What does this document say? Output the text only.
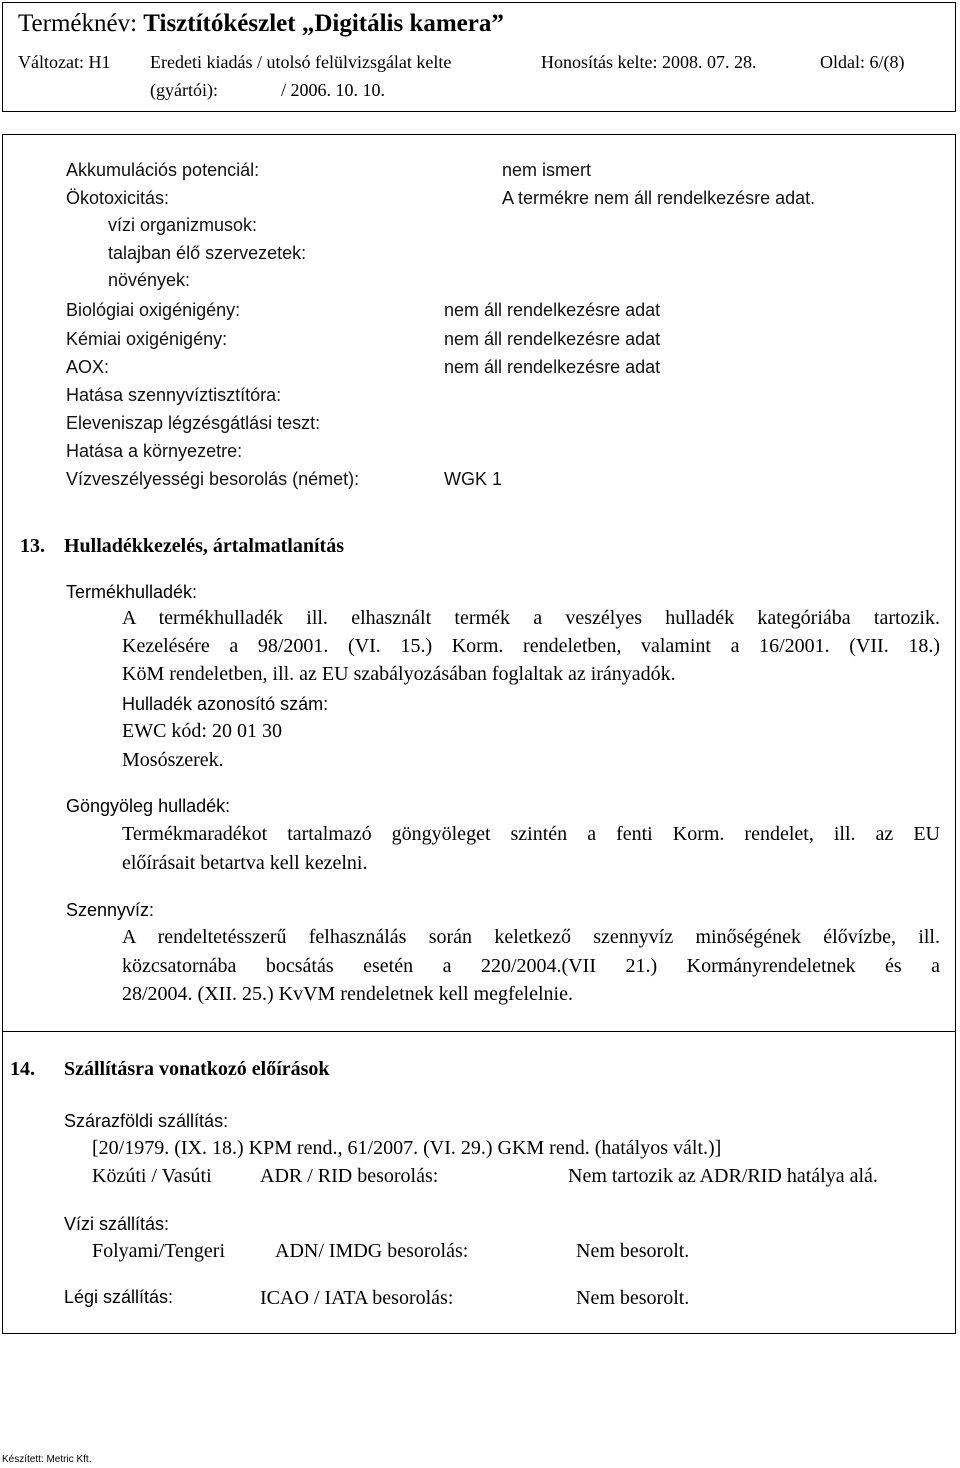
Terméknév: Tisztítókészlet „Digitális kamera”
Változat: H1 Eredeti kiadás / utolsó felülvizsgálat kelte	Honosítás kelte: 2008. 07. 28.	Oldal: 6/(8)
(gyártói):	/ 2006. 10. 10.
Akkumulációs potenciál:	nem ismert
Ökotoxicitás:	A termékre nem áll rendelkezésre adat.
vízi organizmusok:
talajban élő szervezetek:
növények:
Biológiai oxigénigény:	nem áll rendelkezésre adat
Kémiai oxigénigény:	nem áll rendelkezésre adat
AOX:	nem áll rendelkezésre adat
Hatása szennyvíztisztítóra:
Eleveniszap légzésgátlási teszt:
Hatása a környezetre:
Vízveszélyességi besorolás (német):	WGK 1
13. Hulladékkezelés, ártalmatlanítás
Termékhulladék:
A termékhulladék ill. elhasznált termék a veszélyes hulladék kategóriába tartozik.
Kezelésére a 98/2001. (VI. 15.) Korm. rendeletben, valamint a 16/2001. (VII. 18.)
KöM rendeletben, ill. az EU szabályozásában foglaltak az irányadók.
Hulladék azonosító szám:
EWC kód: 20 01 30
Mosószerek.
Göngyöleg hulladék:
Termékmaradékot tartalmazó göngyöleget szintén a fenti Korm. rendelet, ill. az EU
előírásait betartva kell kezelni.
Szennyvíz:
A rendeltetésszerű felhasználás során keletkező szennyvíz minőségének élővízbe, ill.
közcsatornába bocsátás esetén a 220/2004.(VII 21.) Kormányrendeletnek és a
28/2004. (XII. 25.) KvVM rendeletnek kell megfelelnie.
14. Szállításra vonatkozó előírások
Szárazföldi szállítás:
[20/1979. (IX. 18.) KPM rend., 61/2007. (VI. 29.) GKM rend. (hatályos vált.)]
Közúti / Vasúti ADR / RID besorolás:	Nem tartozik az ADR/RID hatálya alá.
Vízi szállítás:
Folyami/Tengeri ADN/ IMDG besorolás:	Nem besorolt.
Légi szállítás:	ICAO / IATA besorolás:	Nem besorolt.
Készített: Metric Kft.
